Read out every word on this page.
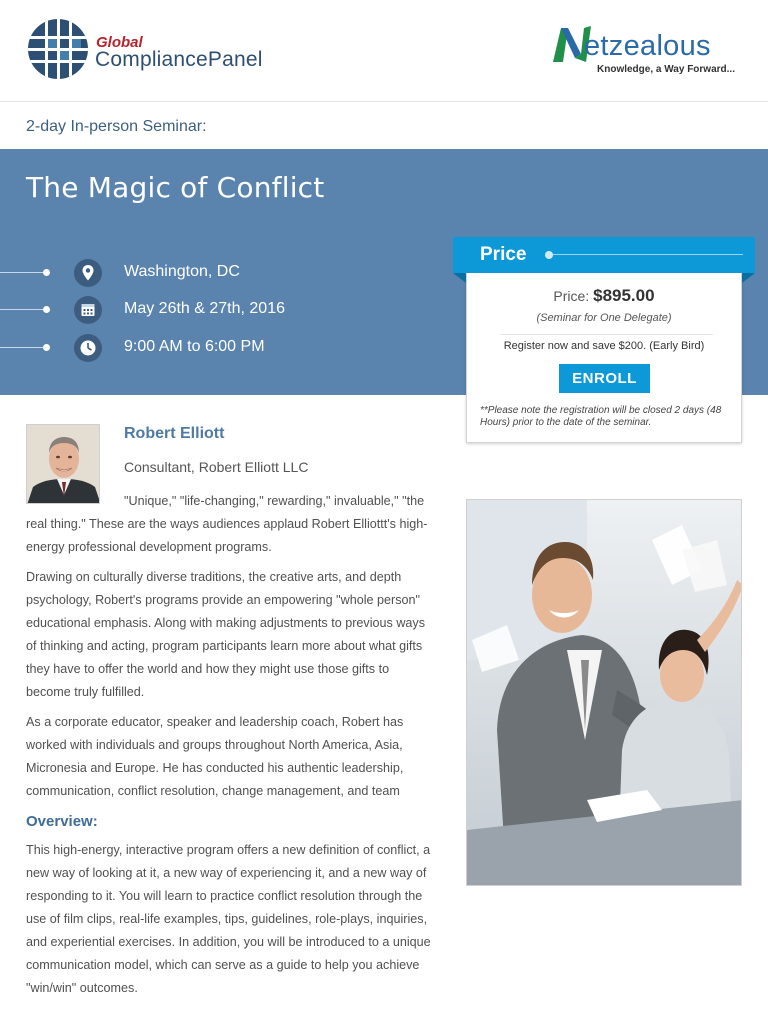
Global
CompliancePanel	etzealous
Knowledge, a Way Forward...
2-day In-person Seminar:
The Magic of Conflict
Washington, DC
May 26th & 27th, 2016
9:00 AM to 6:00 PM
Price: $895.00
(Seminar for One Delegate)
Register now and save $200. (Early Bird)
ENROLL
**Please note the registration will be closed 2 days (48 Hours) prior to the date of the seminar.
Price
Robert Elliott
Consultant, Robert Elliott LLC
"Unique," "life-changing," rewarding," invaluable," "the real thing." These are the ways audiences applaud Robert Elliottt's high-energy professional development programs.
Drawing on culturally diverse traditions, the creative arts, and depth psychology, Robert's programs provide an empowering "whole person" educational emphasis. Along with making adjustments to previous ways of thinking and acting, program participants learn more about what gifts they have to offer the world and how they might use those gifts to become truly fulfilled.
As a corporate educator, speaker and leadership coach, Robert has worked with individuals and groups throughout North America, Asia, Micronesia and Europe. He has conducted his authentic leadership, communication, conflict resolution, change management, and team
Overview:
This high-energy, interactive program offers a new definition of conflict, a new way of looking at it, a new way of experiencing it, and a new way of responding to it. You will learn to practice conflict resolution through the use of film clips, real-life examples, tips, guidelines, role-plays, inquiries, and experiential exercises. In addition, you will be introduced to a unique communication model, which can serve as a guide to help you achieve "win/win" outcomes.
